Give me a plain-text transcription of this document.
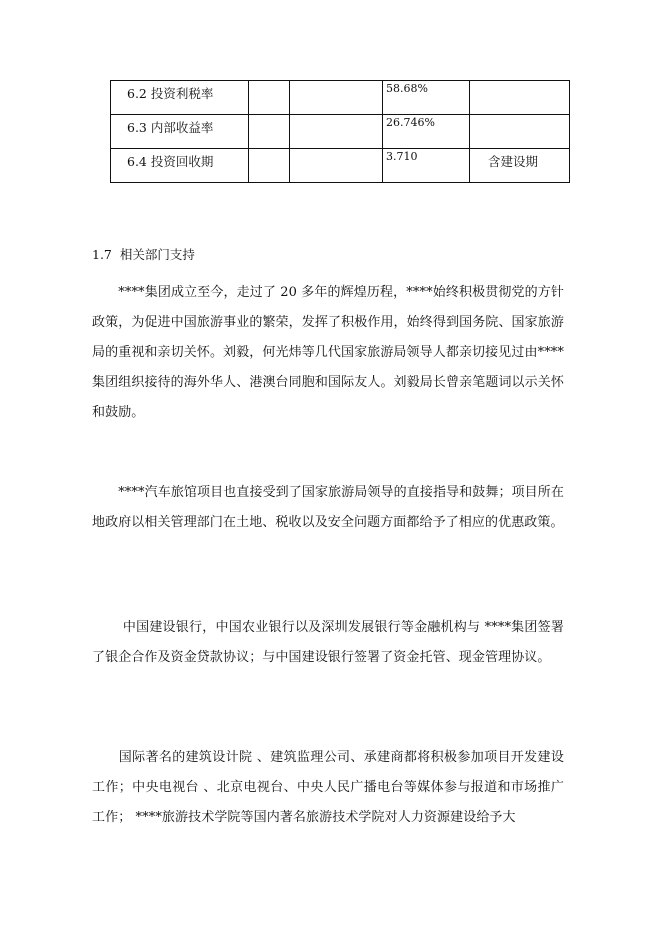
6.2 投资利税率			58.68%	
6.3 内部收益率			26.746%	
6.4 投资回收期			3.710	含建设期
1.7 相关部门支持

　　****集团成立至今，走过了 20 多年的辉煌历程，****始终积极贯彻党的方针政策，为促进中国旅游事业的繁荣，发挥了积极作用，始终得到国务院、国家旅游局的重视和亲切关怀。刘毅，何光炜等几代国家旅游局领导人都亲切接见过由****集团组织接待的海外华人、港澳台同胞和国际友人。刘毅局长曾亲笔题词以示关怀和鼓励。

　　****汽车旅馆项目也直接受到了国家旅游局领导的直接指导和鼓舞；项目所在地政府以相关管理部门在土地、税收以及安全问题方面都给予了相应的优惠政策。

　　 中国建设银行，中国农业银行以及深圳发展银行等金融机构与 ****集团签署了银企合作及资金贷款协议；与中国建设银行签署了资金托管、现金管理协议。

　　国际著名的建筑设计院 、建筑监理公司、承建商都将积极参加项目开发建设工作；中央电视台 、北京电视台、中央人民广播电台等媒体参与报道和市场推广工作； ****旅游技术学院等国内著名旅游技术学院对人力资源建设给予大
